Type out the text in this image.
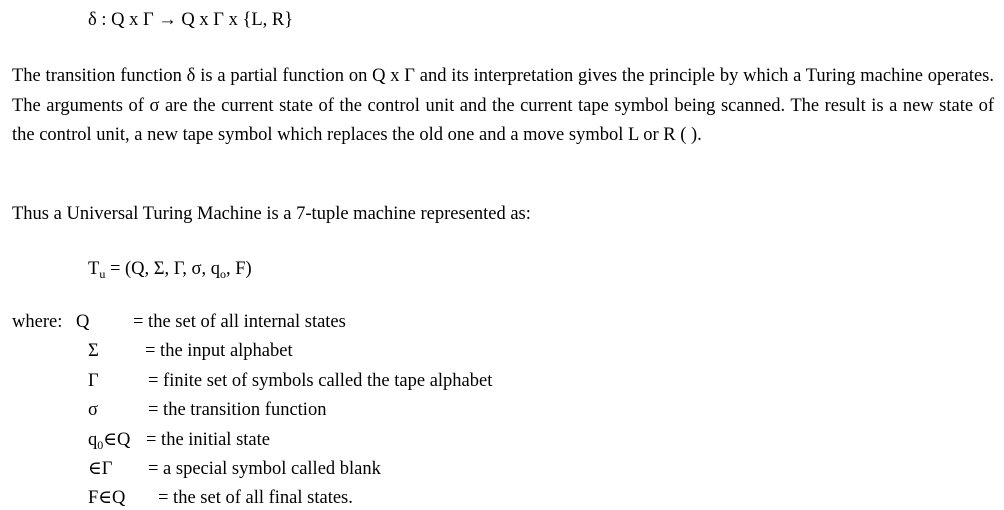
δ : Q x Γ → Q x Γ x {L, R}
The transition function δ is a partial function on Q x Γ and its interpretation gives the principle by which a Turing machine operates. The arguments of σ are the current state of the control unit and the current tape symbol being scanned. The result is a new state of the control unit, a new tape symbol which replaces the old one and a move symbol L or R ( ).
Thus a Universal Turing Machine is a 7-tuple machine represented as:
$T_u = (Q$, Σ, Γ, σ, $q_o$, F)
where: Q = the set of all internal states
Σ = the input alphabet
Γ	= finite set of symbols called the tape alphabet
σ	= the transition function
$q_0\in Q$ = the initial state
∈Γ = a special symbol called blank
F∈Q = the set of all final states.
